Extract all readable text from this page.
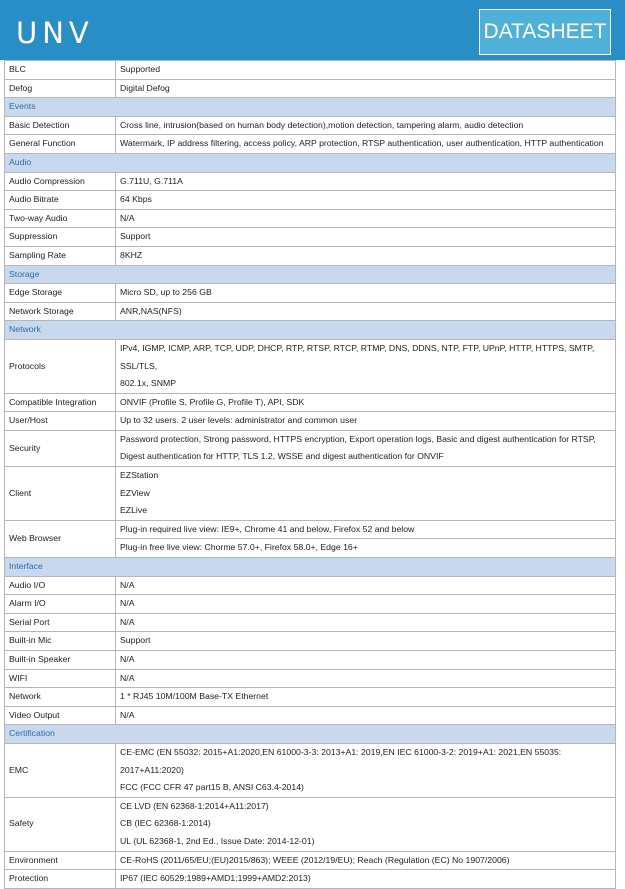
UNV	DATASHEET
BLC	Supported
Defog	Digital Defog
Events	
Basic Detection	Cross line, intrusion(based on human body detection),motion detection, tampering alarm, audio detection
General Function	Watermark, IP address filtering, access policy, ARP protection, RTSP authentication, user authentication, HTTP authentication
Audio	
Audio Compression	G.711U, G.711A
Audio Bitrate	64 Kbps
Two-way Audio	N/A
Suppression	Support
Sampling Rate	8KHZ
Storage	
Edge Storage	Micro SD, up to 256 GB
Network Storage	ANR,NAS(NFS)
Network	
Protocols	IPv4, IGMP, ICMP, ARP, TCP, UDP, DHCP, RTP, RTSP, RTCP, RTMP, DNS, DDNS, NTP, FTP, UPnP, HTTP, HTTPS, SMTP, SSL/TLS,
802.1x, SNMP

Compatible Integration	ONVIF (Profile S, Profile G, Profile T), API, SDK
User/Host	Up to 32 users. 2 user levels: administrator and common user
Security	Password protection, Strong password, HTTPS encryption, Export operation logs, Basic and digest authentication for RTSP,
Digest authentication for HTTP, TLS 1.2, WSSE and digest authentication for ONVIF

Client	EZStation
EZView
EZLive

Web Browser	Plug-in required live view: IE9+, Chrome 41 and below, Firefox 52 and below
	Plug-in free live view: Chorme 57.0+, Firefox 58.0+, Edge 16+
Interface	
Audio I/O	N/A
Alarm I/O	N/A
Serial Port	N/A
Built-in Mic	Support
Built-in Speaker	N/A
WIFI	N/A
Network	1 * RJ45 10M/100M Base-TX Ethernet
Video Output	N/A
Certification	
EMC	CE-EMC (EN 55032: 2015+A1:2020,EN 61000-3-3: 2013+A1: 2019,EN IEC 61000-3-2: 2019+A1: 2021,EN 55035:
2017+A11:2020)
FCC (FCC CFR 47 part15 B, ANSI C63.4-2014)

Safety	CE LVD (EN 62368-1:2014+A11:2017)
CB (IEC 62368-1:2014)
UL (UL 62368-1, 2nd Ed., Issue Date: 2014-12-01)

Environment	CE-RoHS (2011/65/EU;(EU)2015/863); WEEE (2012/19/EU); Reach (Regulation (EC) No 1907/2006)
Protection	IP67 (IEC 60529:1989+AMD1:1999+AMD2:2013)
